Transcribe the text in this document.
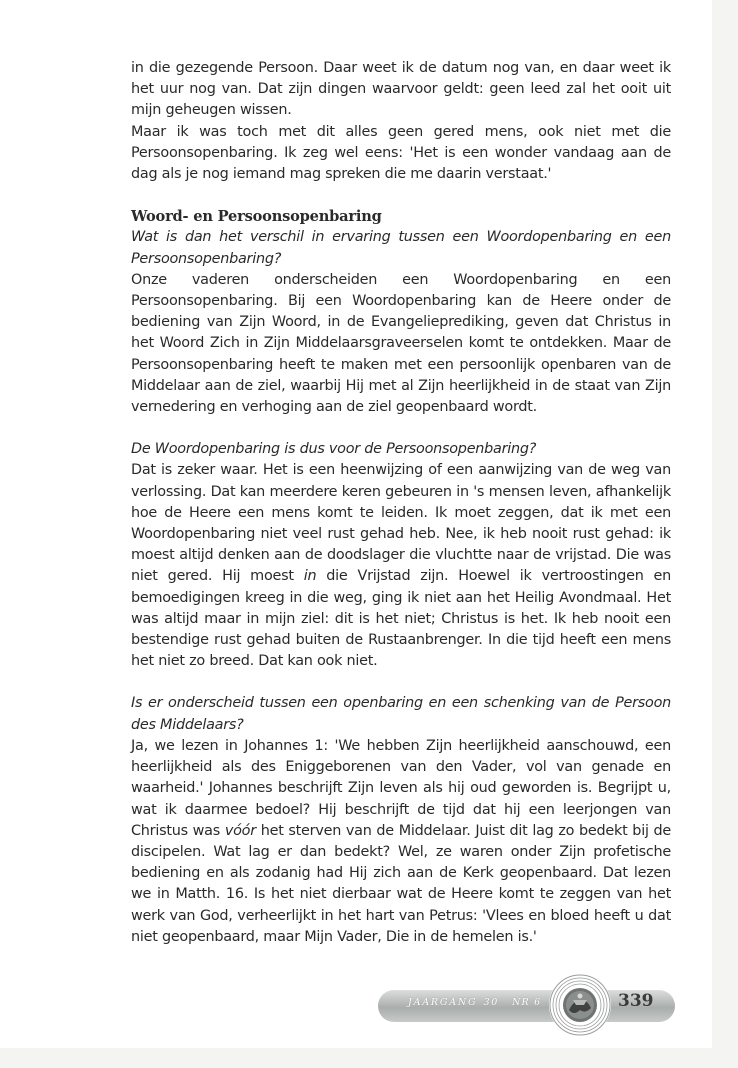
in die gezegende Persoon. Daar weet ik de datum nog van, en daar weet ik het uur nog van. Dat zijn dingen waarvoor geldt: geen leed zal het ooit uit mijn geheugen wissen.

Maar ik was toch met dit alles geen gered mens, ook niet met die Persoonsopenbaring. Ik zeg wel eens: 'Het is een wonder vandaag aan de dag als je nog iemand mag spreken die me daarin verstaat.'

Woord- en Persoonsopenbaring

Wat is dan het verschil in ervaring tussen een Woordopenbaring en een Persoonsopenbaring?

Onze vaderen onderscheiden een Woordopenbaring en een Persoonsopenbaring. Bij een Woordopenbaring kan de Heere onder de bediening van Zijn Woord, in de Evangelieprediking, geven dat Christus in het Woord Zich in Zijn Middelaarsgraveerselen komt te ontdekken. Maar de Persoonsopenbaring heeft te maken met een persoonlijk openbaren van de Middelaar aan de ziel, waarbij Hij met al Zijn heerlijkheid in de staat van Zijn vernedering en verhoging aan de ziel geopenbaard wordt.

De Woordopenbaring is dus voor de Persoonsopenbaring?

Dat is zeker waar. Het is een heenwijzing of een aanwijzing van de weg van verlossing. Dat kan meerdere keren gebeuren in 's mensen leven, afhankelijk hoe de Heere een mens komt te leiden. Ik moet zeggen, dat ik met een Woordopenbaring niet veel rust gehad heb. Nee, ik heb nooit rust gehad: ik moest altijd denken aan de doodslager die vluchtte naar de vrijstad. Die was niet gered. Hij moest in die Vrijstad zijn. Hoewel ik vertroostingen en bemoedigingen kreeg in die weg, ging ik niet aan het Heilig Avondmaal. Het was altijd maar in mijn ziel: dit is het niet; Christus is het. Ik heb nooit een bestendige rust gehad buiten de Rustaanbrenger. In die tijd heeft een mens het niet zo breed. Dat kan ook niet.

Is er onderscheid tussen een openbaring en een schenking van de Persoon des Middelaars?

Ja, we lezen in Johannes 1: 'We hebben Zijn heerlijkheid aanschouwd, een heerlijkheid als des Eniggeborenen van den Vader, vol van genade en waarheid.' Johannes beschrijft Zijn leven als hij oud geworden is. Begrijpt u, wat ik daarmee bedoel? Hij beschrijft de tijd dat hij een leerjongen van Christus was vóór het sterven van de Middelaar. Juist dit lag zo bedekt bij de discipelen. Wat lag er dan bedekt? Wel, ze waren onder Zijn profetische bediening en als zodanig had Hij zich aan de Kerk geopenbaard. Dat lezen we in Matth. 16. Is het niet dierbaar wat de Heere komt te zeggen van het werk van God, verheerlijkt in het hart van Petrus: 'Vlees en bloed heeft u dat niet geopenbaard, maar Mijn Vader, Die in de hemelen is.'

JAARGANG 30 NR 6	339
